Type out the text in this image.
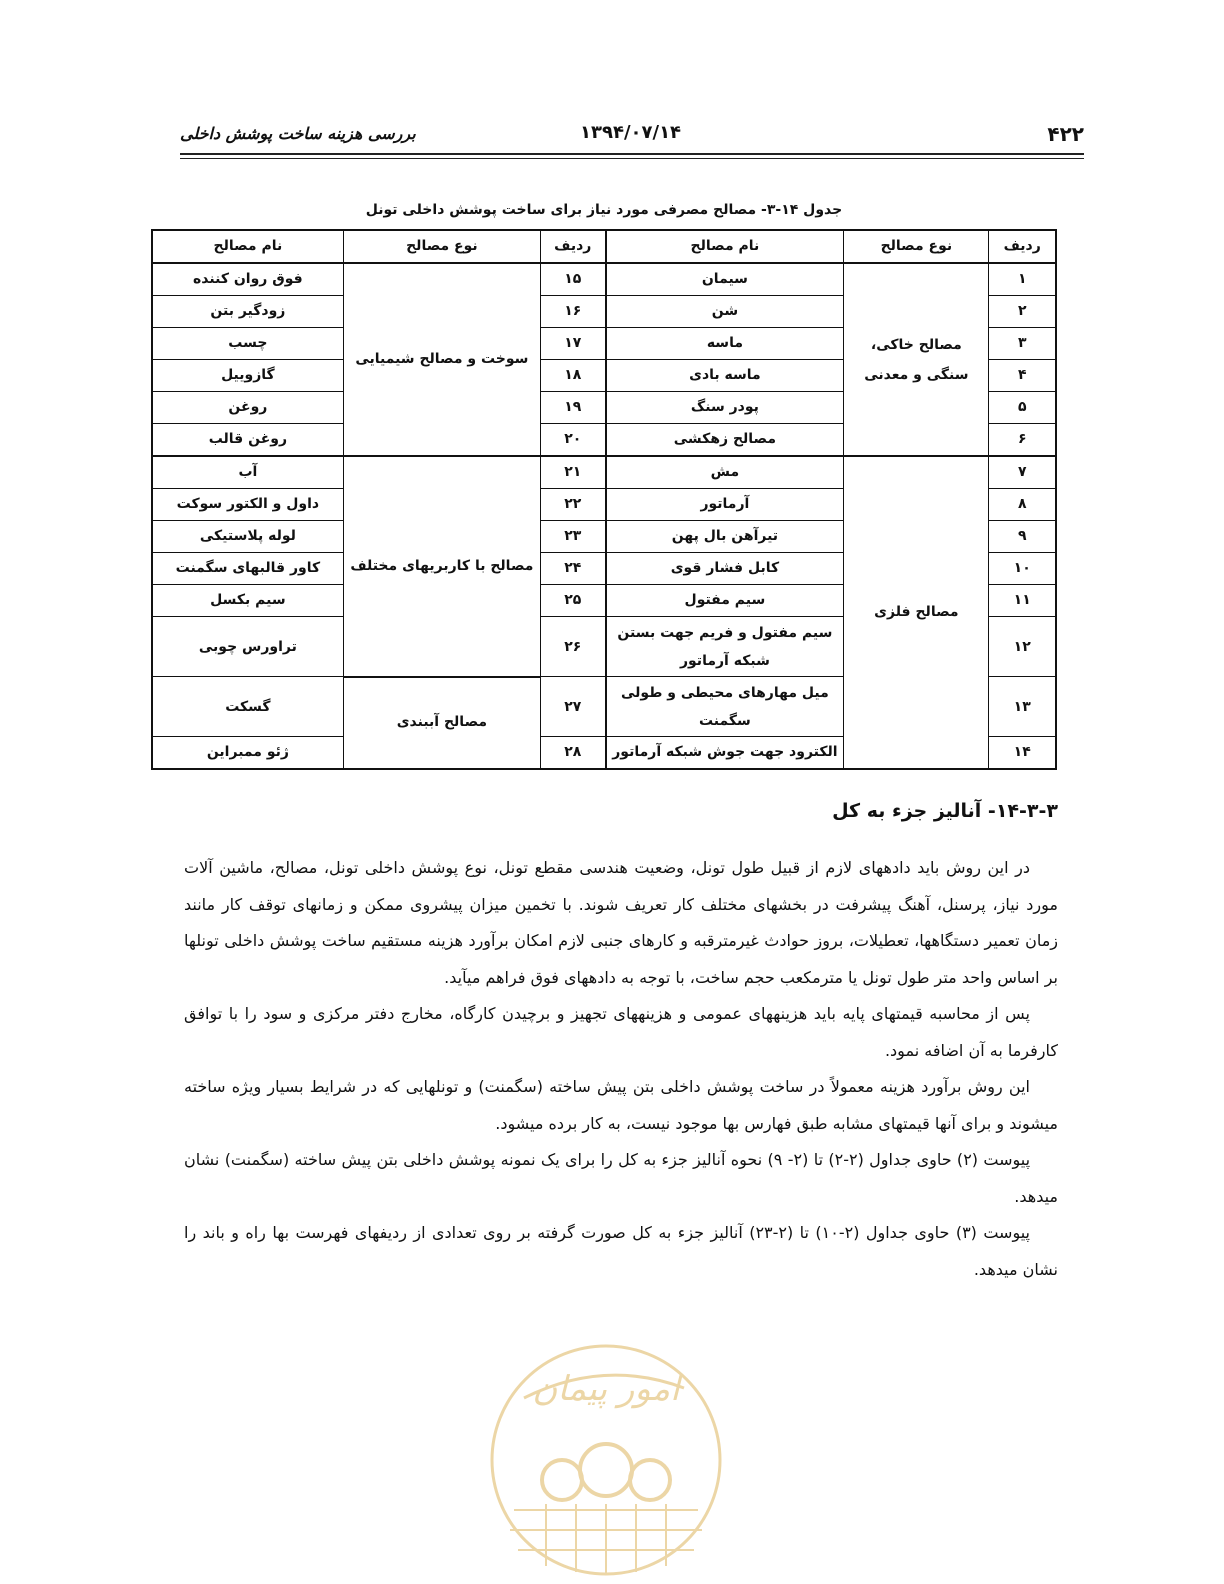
۴۲۲
۱۳۹۴/۰۷/۱۴
بررسی هزینه ساخت پوشش داخلی
جدول ۱۴-۳- مصالح مصرفی مورد نیاز برای ساخت پوشش داخلی تونل
ردیف	نوع مصالح	نام مصالح	ردیف	نوع مصالح	نام مصالح
۱	مصالح خاکی، سنگی و معدنی	سیمان	۱۵	سوخت و مصالح شیمیایی	فوق روان کننده
۲		شن	۱۶		زودگیر بتن
۳		ماسه	۱۷		چسب
۴		ماسه بادی	۱۸		گازوییل
۵		پودر سنگ	۱۹		روغن
۶		مصالح زهکشی	۲۰		روغن قالب
۷	مصالح فلزی	مش	۲۱	مصالح با کاربریهای مختلف	آب
۸		آرماتور	۲۲		داول و الکتور سوکت
۹		تیرآهن بال پهن	۲۳		لوله پلاستیکی
۱۰		کابل فشار قوی	۲۴		کاور قالبهای سگمنت
۱۱		سیم مفتول	۲۵		سیم بکسل
۱۲		سیم مفتول و فریم جهت بستن شبکه آرماتور	۲۶		تراورس چوبی
۱۳		میل مهارهای محیطی و طولی سگمنت	۲۷	مصالح آببندی	گسکت
۱۴		الکترود جهت جوش شبکه آرماتور	۲۸		ژئو ممبراین
۱۴-۳-۳- آنالیز جزء به کل

در این روش باید دادههای لازم از قبیل طول تونل، وضعیت هندسی مقطع تونل، نوع پوشش داخلی تونل، مصالح، ماشین آلات مورد نیاز، پرسنل، آهنگ پیشرفت در بخشهای مختلف کار تعریف شوند. با تخمین میزان پیشروی ممکن و زمانهای توقف کار مانند زمان تعمیر دستگاهها، تعطیلات، بروز حوادث غیرمترقبه و کارهای جنبی لازم امکان برآورد هزینه مستقیم ساخت پوشش داخلی تونلها بر اساس واحد متر طول تونل یا مترمکعب حجم ساخت، با توجه به دادههای فوق فراهم میآید.

پس از محاسبه قیمتهای پایه باید هزینههای عمومی و هزینههای تجهیز و برچیدن کارگاه، مخارج دفتر مرکزی و سود را با توافق کارفرما به آن اضافه نمود.

این روش برآورد هزینه معمولاً در ساخت پوشش داخلی بتن پیش ساخته (سگمنت) و تونلهایی که در شرایط بسیار ویژه ساخته میشوند و برای آنها قیمتهای مشابه طبق فهارس بها موجود نیست، به کار برده میشود.

پیوست (۲) حاوی جداول (۲-۲) تا (۲- ۹) نحوه آنالیز جزء به کل را برای یک نمونه پوشش داخلی بتن پیش ساخته (سگمنت) نشان میدهد.

پیوست (۳) حاوی جداول (۲-۱۰) تا (۲-۲۳) آنالیز جزء به کل صورت گرفته بر روی تعدادی از ردیفهای فهرست بها راه و باند را نشان میدهد.

امور پیمان
